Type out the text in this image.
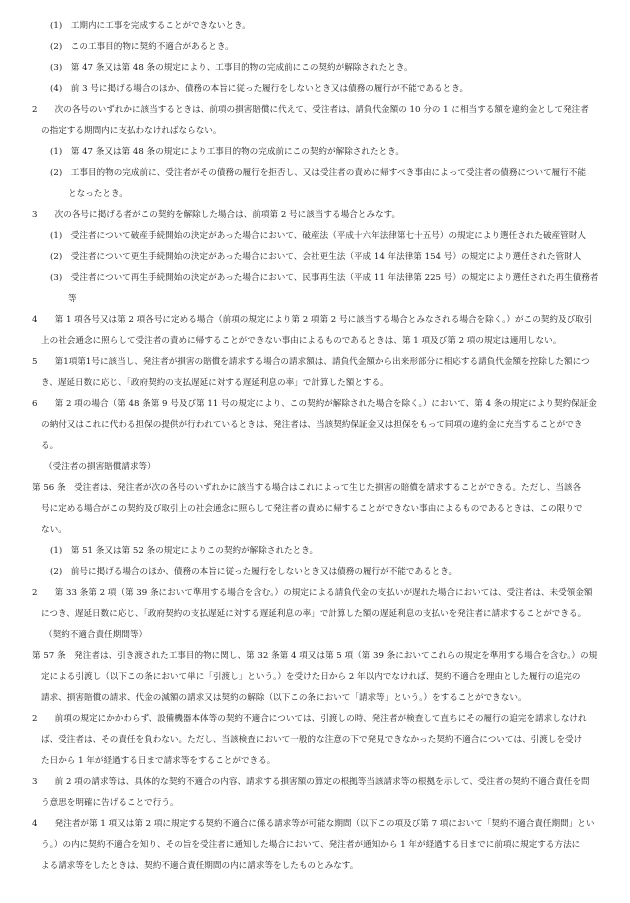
(1)　工期内に工事を完成することができないとき。
(2)　この工事目的物に契約不適合があるとき。
(3)　第 47 条又は第 48 条の規定により、工事目的物の完成前にこの契約が解除されたとき。
(4)　前 3 号に掲げる場合のほか、債務の本旨に従った履行をしないとき又は債務の履行が不能であるとき。
2　　次の各号のいずれかに該当するときは、前項の損害賠償に代えて、受注者は、請負代金額の 10 分の 1 に相当する額を違約金として発注者
の指定する期間内に支払わなければならない。
(1)　第 47 条又は第 48 条の規定により工事目的物の完成前にこの契約が解除されたとき。
(2)　工事目的物の完成前に、受注者がその債務の履行を拒否し、又は受注者の責めに帰すべき事由によって受注者の債務について履行不能
となったとき。
3　　次の各号に掲げる者がこの契約を解除した場合は、前項第 2 号に該当する場合とみなす。
(1)　受注者について破産手続開始の決定があった場合において、破産法（平成十六年法律第七十五号）の規定により選任された破産管財人
(2)　受注者について更生手続開始の決定があった場合において、会社更生法（平成 14 年法律第 154 号）の規定により選任された管財人
(3)　受注者について再生手続開始の決定があった場合において、民事再生法（平成 11 年法律第 225 号）の規定により選任された再生債務者
等
4　　第 1 項各号又は第 2 項各号に定める場合（前項の規定により第 2 項第 2 号に該当する場合とみなされる場合を除く。）がこの契約及び取引
上の社会通念に照らして受注者の責めに帰することができない事由によるものであるときは、第 1 項及び第 2 項の規定は適用しない。
5　　第1項第1号に該当し、発注者が損害の賠償を請求する場合の請求額は、請負代金額から出来形部分に相応する請負代金額を控除した額につ
き、遅延日数に応じ、「政府契約の支払遅延に対する遅延利息の率」で計算した額とする。
6　　第 2 項の場合（第 48 条第 9 号及び第 11 号の規定により、この契約が解除された場合を除く。）において、第 4 条の規定により契約保証金
の納付又はこれに代わる担保の提供が行われているときは、発注者は、当該契約保証金又は担保をもって同項の違約金に充当することができ
る。
（受注者の損害賠償請求等）
第 56 条　受注者は、発注者が次の各号のいずれかに該当する場合はこれによって生じた損害の賠償を請求することができる。ただし、当該各
号に定める場合がこの契約及び取引上の社会通念に照らして発注者の責めに帰することができない事由によるものであるときは、この限りで
ない。
(1)　第 51 条又は第 52 条の規定によりこの契約が解除されたとき。
(2)　前号に掲げる場合のほか、債務の本旨に従った履行をしないとき又は債務の履行が不能であるとき。
2　　第 33 条第 2 項（第 39 条において準用する場合を含む。）の規定による請負代金の支払いが遅れた場合においては、受注者は、未受領金額
につき、遅延日数に応じ、「政府契約の支払遅延に対する遅延利息の率」で計算した額の遅延利息の支払いを発注者に請求することができる。
（契約不適合責任期間等）
第 57 条　発注者は、引き渡された工事目的物に関し、第 32 条第 4 項又は第 5 項（第 39 条においてこれらの規定を準用する場合を含む。）の規
定による引渡し（以下この条において単に「引渡し」という。）を受けた日から 2 年以内でなければ、契約不適合を理由とした履行の追完の
請求、損害賠償の請求、代金の減額の請求又は契約の解除（以下この条において「請求等」という。）をすることができない。
2　　前項の規定にかかわらず、設備機器本体等の契約不適合については、引渡しの時、発注者が検査して直ちにその履行の追完を請求しなけれ
ば、受注者は、その責任を負わない。ただし、当該検査において一般的な注意の下で発見できなかった契約不適合については、引渡しを受け
た日から 1 年が経過する日まで請求等をすることができる。
3　　前 2 項の請求等は、具体的な契約不適合の内容、請求する損害額の算定の根拠等当該請求等の根拠を示して、受注者の契約不適合責任を問
う意思を明確に告げることで行う。
4　　発注者が第 1 項又は第 2 項に規定する契約不適合に係る請求等が可能な期間（以下この項及び第 7 項において「契約不適合責任期間」とい
う。）の内に契約不適合を知り、その旨を受注者に通知した場合において、発注者が通知から 1 年が経過する日までに前項に規定する方法に
よる請求等をしたときは、契約不適合責任期間の内に請求等をしたものとみなす。
